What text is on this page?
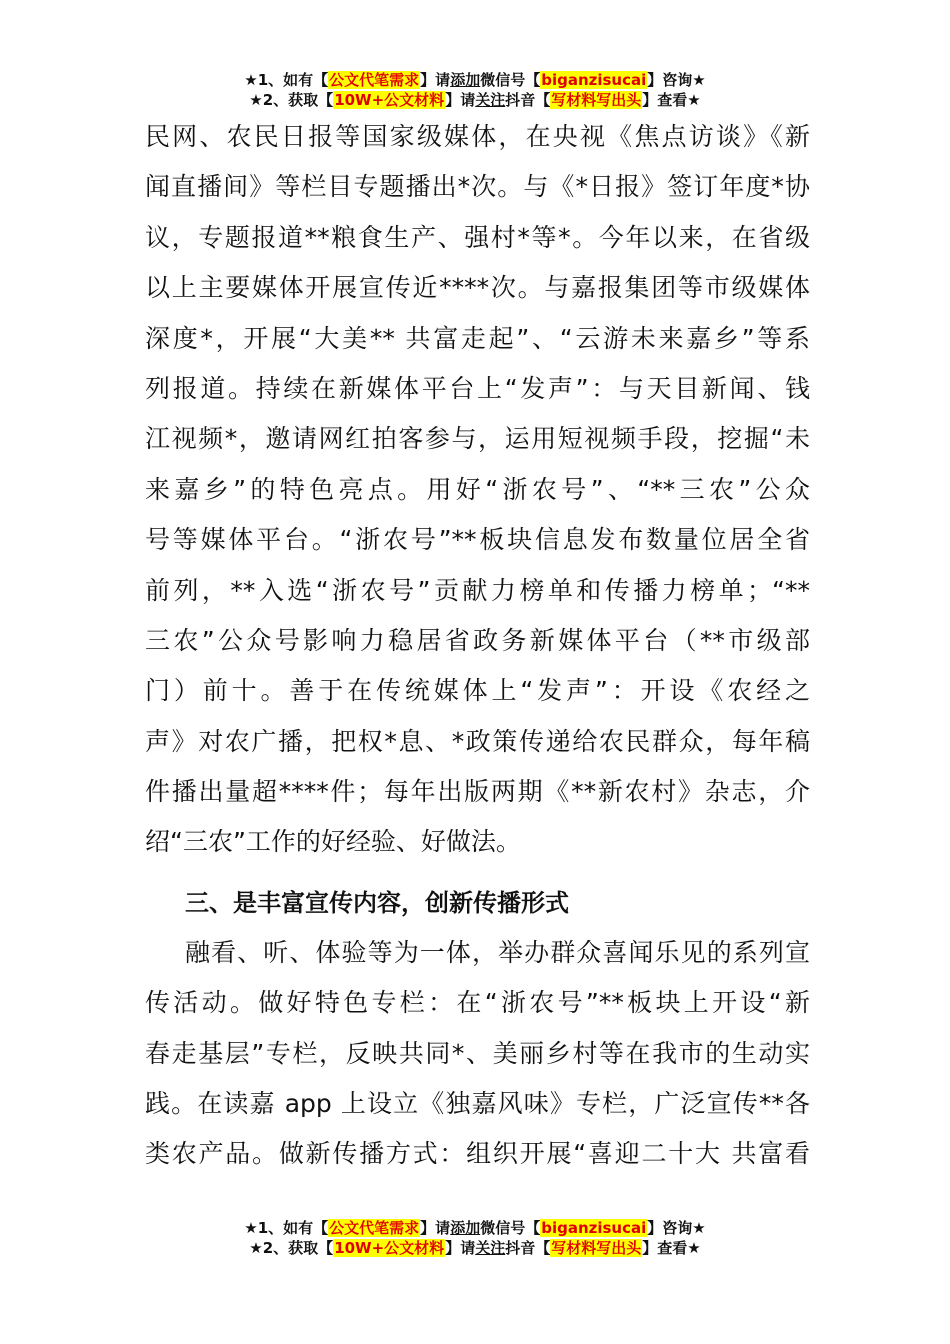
★1、如有【公文代笔需求】请添加微信号【biganzisucai】咨询★
★2、获取【10W+公文材料】请关注抖音【写材料写出头】查看★

民网、农民日报等国家级媒体，在央视《焦点访谈》《新
闻直播间》等栏目专题播出*次。与《*日报》签订年度*协
议，专题报道**粮食生产、强村*等*。今年以来，在省级
以上主要媒体开展宣传近****次。与嘉报集团等市级媒体
深度*，开展“大美** 共富走起”、“云游未来嘉乡”等系
列报道。持续在新媒体平台上“发声”：与天目新闻、钱
江视频*，邀请网红拍客参与，运用短视频手段，挖掘“未
来嘉乡”的特色亮点。用好“浙农号”、“**三农”公众
号等媒体平台。“浙农号”**板块信息发布数量位居全省
前列，**入选“浙农号”贡献力榜单和传播力榜单；“**
三农”公众号影响力稳居省政务新媒体平台（**市级部
门）前十。善于在传统媒体上“发声”：开设《农经之
声》对农广播，把权*息、*政策传递给农民群众，每年稿
件播出量超****件；每年出版两期《**新农村》杂志，介
绍“三农”工作的好经验、好做法。

三、是丰富宣传内容，创新传播形式

融看、听、体验等为一体，举办群众喜闻乐见的系列宣
传活动。做好特色专栏：在“浙农号”**板块上开设“新
春走基层”专栏，反映共同*、美丽乡村等在我市的生动实
践。在读嘉 app 上设立《独嘉风味》专栏，广泛宣传**各
类农产品。做新传播方式：组织开展“喜迎二十大 共富看

★1、如有【公文代笔需求】请添加微信号【biganzisucai】咨询★
★2、获取【10W+公文材料】请关注抖音【写材料写出头】查看★
